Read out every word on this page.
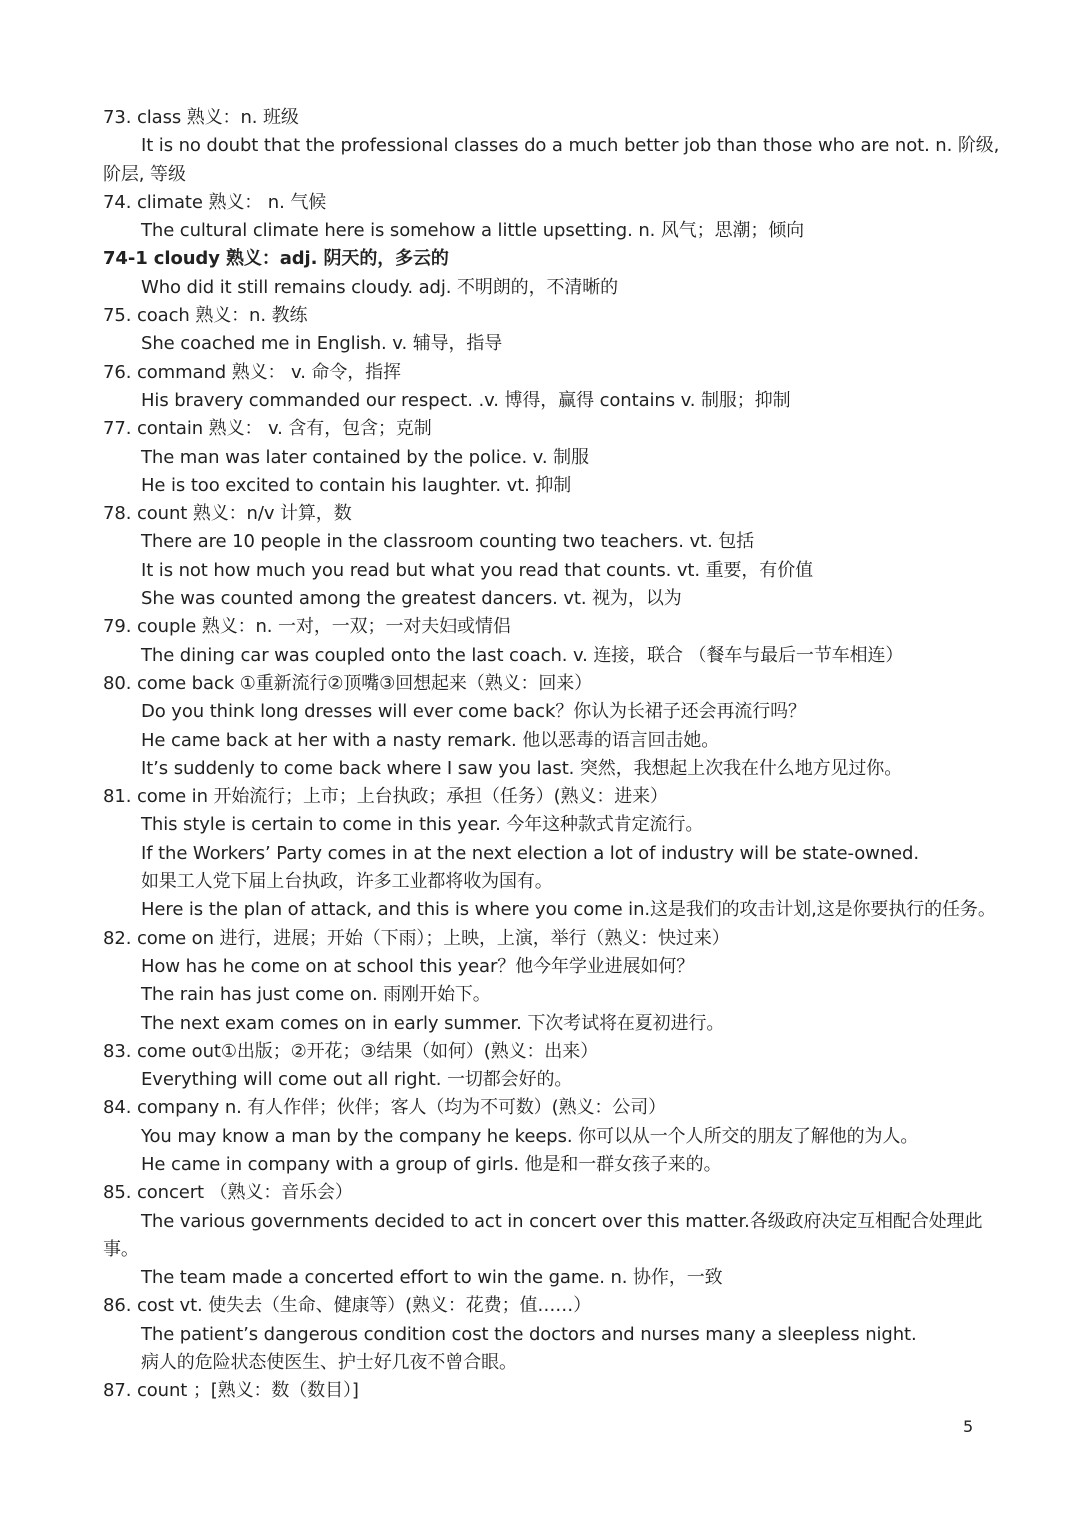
73. class 熟义：n. 班级
It is no doubt that the professional classes do a much better job than those who are not. n. 阶级,
阶层, 等级
74. climate 熟义： n. 气候
The cultural climate here is somehow a little upsetting. n. 风气；思潮；倾向
74-1 cloudy 熟义：adj. 阴天的，多云的
Who did it still remains cloudy. adj. 不明朗的，不清晰的
75. coach 熟义：n. 教练
She coached me in English. v. 辅导，指导
76. command 熟义： v. 命令，指挥
His bravery commanded our respect. .v. 博得，赢得 contains v. 制服；抑制
77. contain 熟义： v. 含有，包含；克制
The man was later contained by the police. v. 制服
He is too excited to contain his laughter. vt. 抑制
78. count 熟义：n/v 计算，数
There are 10 people in the classroom counting two teachers. vt. 包括
It is not how much you read but what you read that counts. vt. 重要，有价值
She was counted among the greatest dancers. vt. 视为，以为
79. couple 熟义：n. 一对，一双；一对夫妇或情侣
The dining car was coupled onto the last coach. v. 连接，联合 （餐车与最后一节车相连）
80. come back ①重新流行②顶嘴③回想起来（熟义：回来）
Do you think long dresses will ever come back？你认为长裙子还会再流行吗？
He came back at her with a nasty remark. 他以恶毒的语言回击她。
It’s suddenly to come back where I saw you last. 突然，我想起上次我在什么地方见过你。
81. come in 开始流行；上市；上台执政；承担（任务）(熟义：进来）
This style is certain to come in this year. 今年这种款式肯定流行。
If the Workers’ Party comes in at the next election a lot of industry will be state-owned.
如果工人党下届上台执政，许多工业都将收为国有。
Here is the plan of attack, and this is where you come in.这是我们的攻击计划,这是你要执行的任务。
82. come on 进行，进展；开始（下雨）；上映，上演，举行（熟义：快过来）
How has he come on at school this year？他今年学业进展如何？
The rain has just come on. 雨刚开始下。
The next exam comes on in early summer. 下次考试将在夏初进行。
83. come out①出版；②开花；③结果（如何）(熟义：出来）
Everything will come out all right. 一切都会好的。
84. company n. 有人作伴；伙伴；客人（均为不可数）(熟义：公司）
You may know a man by the company he keeps. 你可以从一个人所交的朋友了解他的为人。
He came in company with a group of girls. 他是和一群女孩子来的。
85. concert （熟义：音乐会）
The various governments decided to act in concert over this matter.各级政府决定互相配合处理此
事。
The team made a concerted effort to win the game. n. 协作，一致
86. cost vt. 使失去（生命、健康等）(熟义：花费；值……）
The patient’s dangerous condition cost the doctors and nurses many a sleepless night.
病人的危险状态使医生、护士好几夜不曾合眼。
87. count ；[熟义：数（数目）]
5
